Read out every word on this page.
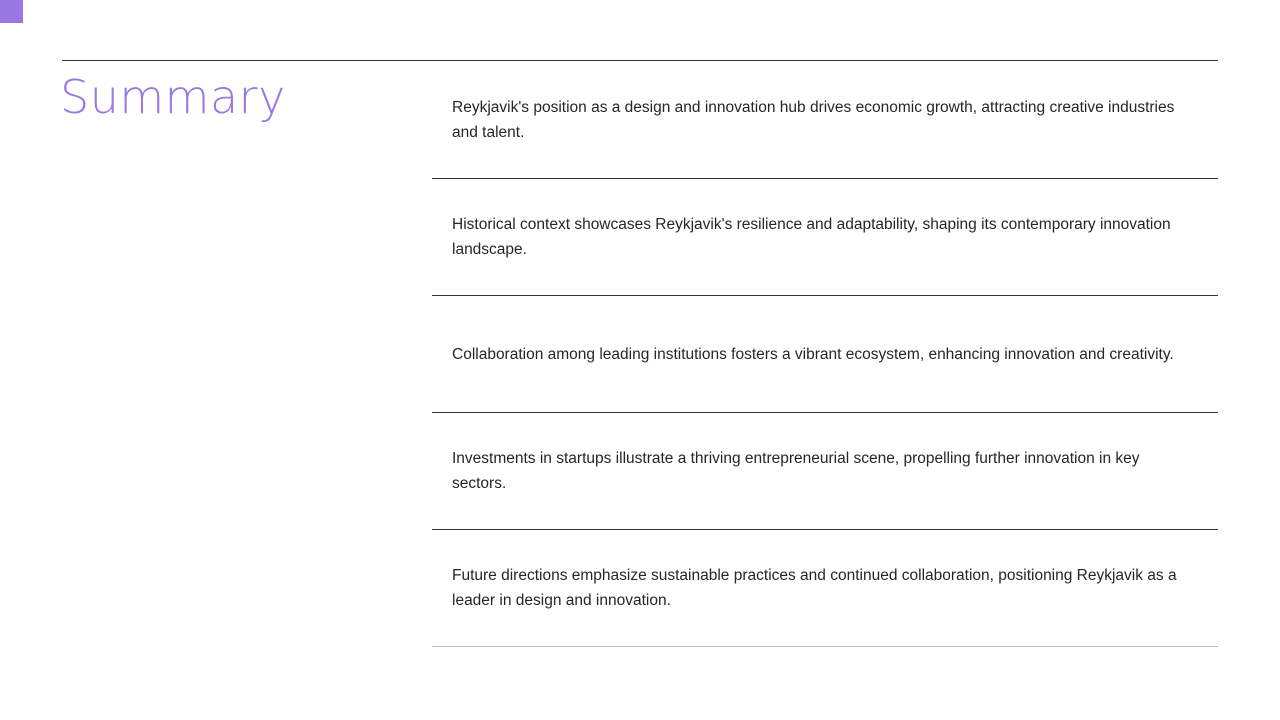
Summary	Reykjavik's position as a design and innovation hub drives economic growth, attracting creative industries and talent.

Historical context showcases Reykjavik's resilience and adaptability, shaping its contemporary innovation landscape.

Collaboration among leading institutions fosters a vibrant ecosystem, enhancing innovation and creativity.

Investments in startups illustrate a thriving entrepreneurial scene, propelling further innovation in key sectors.

Future directions emphasize sustainable practices and continued collaboration, positioning Reykjavik as a leader in design and innovation.
